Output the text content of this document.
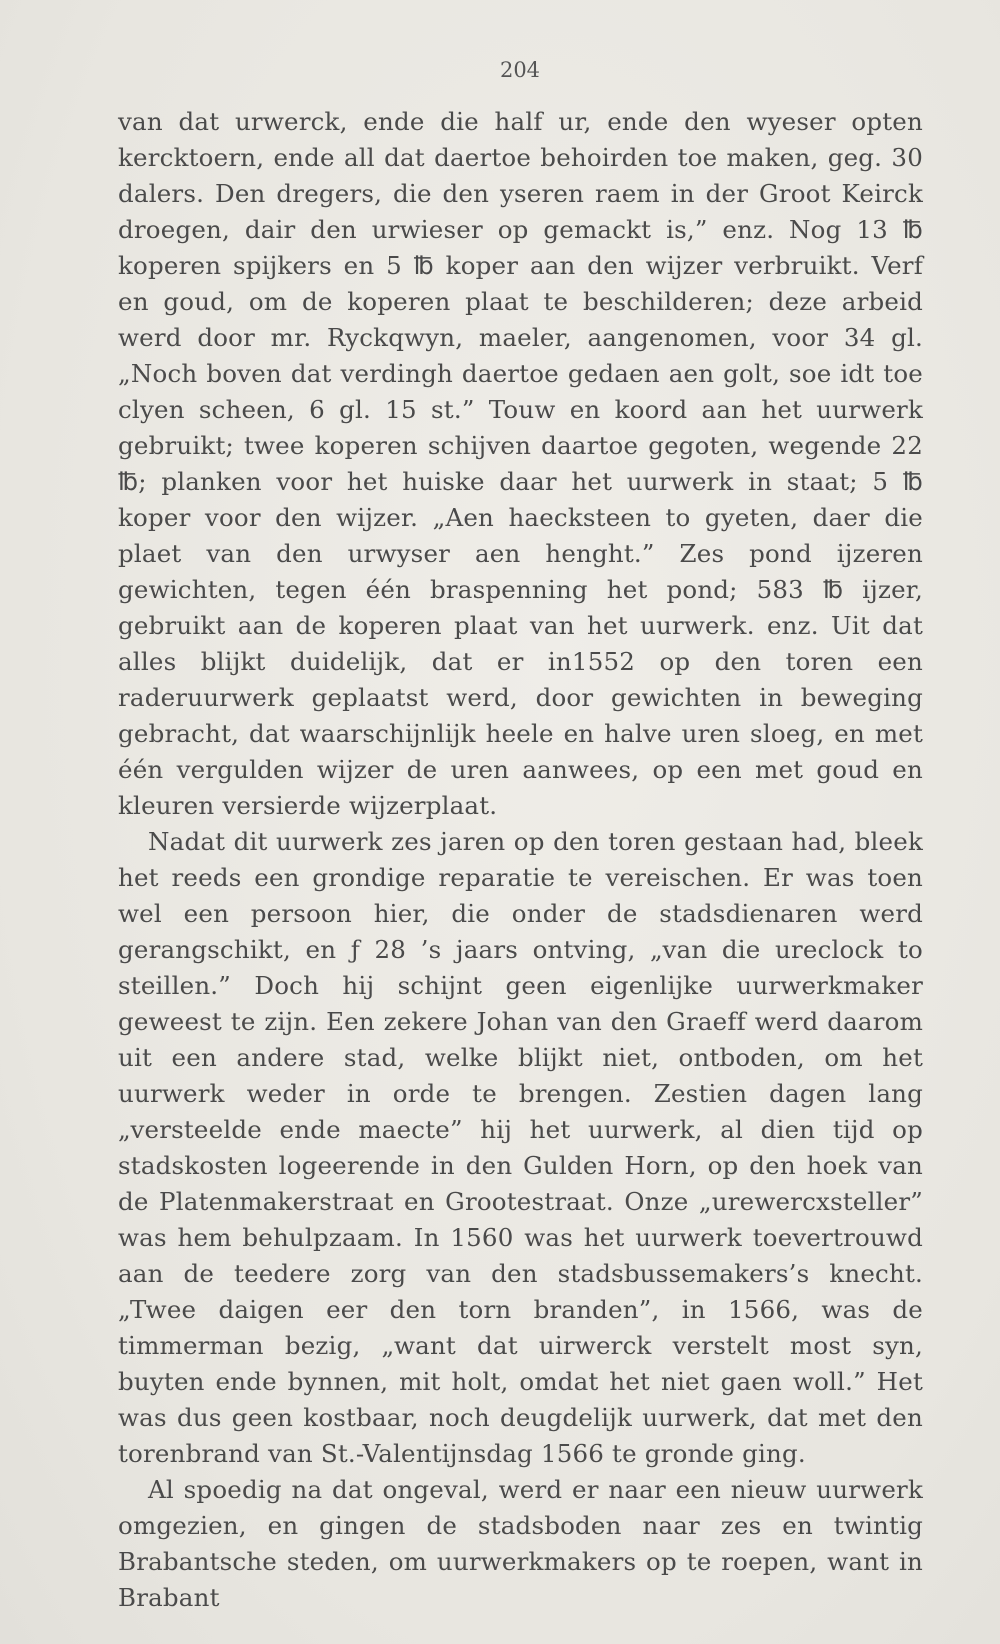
204

van dat urwerck, ende die half ur, ende den wyeser opten kercktoern, ende all dat daertoe behoirden toe maken, geg. 30 dalers. Den dregers, die den yseren raem in der Groot Keirck droegen, dair den urwieser op gemackt is,” enz. Nog 13 ℔ koperen spijkers en 5 ℔ koper aan den wijzer verbruikt. Verf en goud, om de koperen plaat te beschilderen; deze arbeid werd door mr. Ryckqwyn, maeler, aangenomen, voor 34 gl. „Noch boven dat verdingh daertoe gedaen aen golt, soe idt toe clyen scheen, 6 gl. 15 st.” Touw en koord aan het uurwerk gebruikt; twee koperen schijven daartoe gegoten, wegende 22 ℔; planken voor het huiske daar het uurwerk in staat; 5 ℔ koper voor den wijzer. „Aen haecksteen to gyeten, daer die plaet van den urwyser aen henght.” Zes pond ijzeren gewichten, tegen één braspenning het pond; 583 ℔ ijzer, gebruikt aan de koperen plaat van het uurwerk. enz. Uit dat alles blijkt duidelijk, dat er in1552 op den toren een raderuurwerk geplaatst werd, door gewichten in beweging gebracht, dat waarschijnlijk heele en halve uren sloeg, en met één vergulden wijzer de uren aanwees, op een met goud en kleuren versierde wijzerplaat.

Nadat dit uurwerk zes jaren op den toren gestaan had, bleek het reeds een grondige reparatie te vereischen. Er was toen wel een persoon hier, die onder de stadsdienaren werd gerangschikt, en ƒ 28 ’s jaars ontving, „van die ureclock to steillen.” Doch hij schijnt geen eigenlijke uurwerkmaker geweest te zijn. Een zekere Johan van den Graeff werd daarom uit een andere stad, welke blijkt niet, ontboden, om het uurwerk weder in orde te brengen. Zestien dagen lang „versteelde ende maecte” hij het uurwerk, al dien tijd op stadskosten logeerende in den Gulden Horn, op den hoek van de Platenmakerstraat en Grootestraat. Onze „urewercxsteller” was hem behulpzaam. In 1560 was het uurwerk toevertrouwd aan de teedere zorg van den stadsbussemakers’s knecht. „Twee daigen eer den torn branden”, in 1566, was de timmerman bezig, „want dat uirwerck verstelt most syn, buyten ende bynnen, mit holt, omdat het niet gaen woll.” Het was dus geen kostbaar, noch deugdelijk uurwerk, dat met den torenbrand van St.-Valentijnsdag 1566 te gronde ging.

Al spoedig na dat ongeval, werd er naar een nieuw uurwerk omgezien, en gingen de stadsboden naar zes en twintig Brabantsche steden, om uurwerkmakers op te roepen, want in Brabant
